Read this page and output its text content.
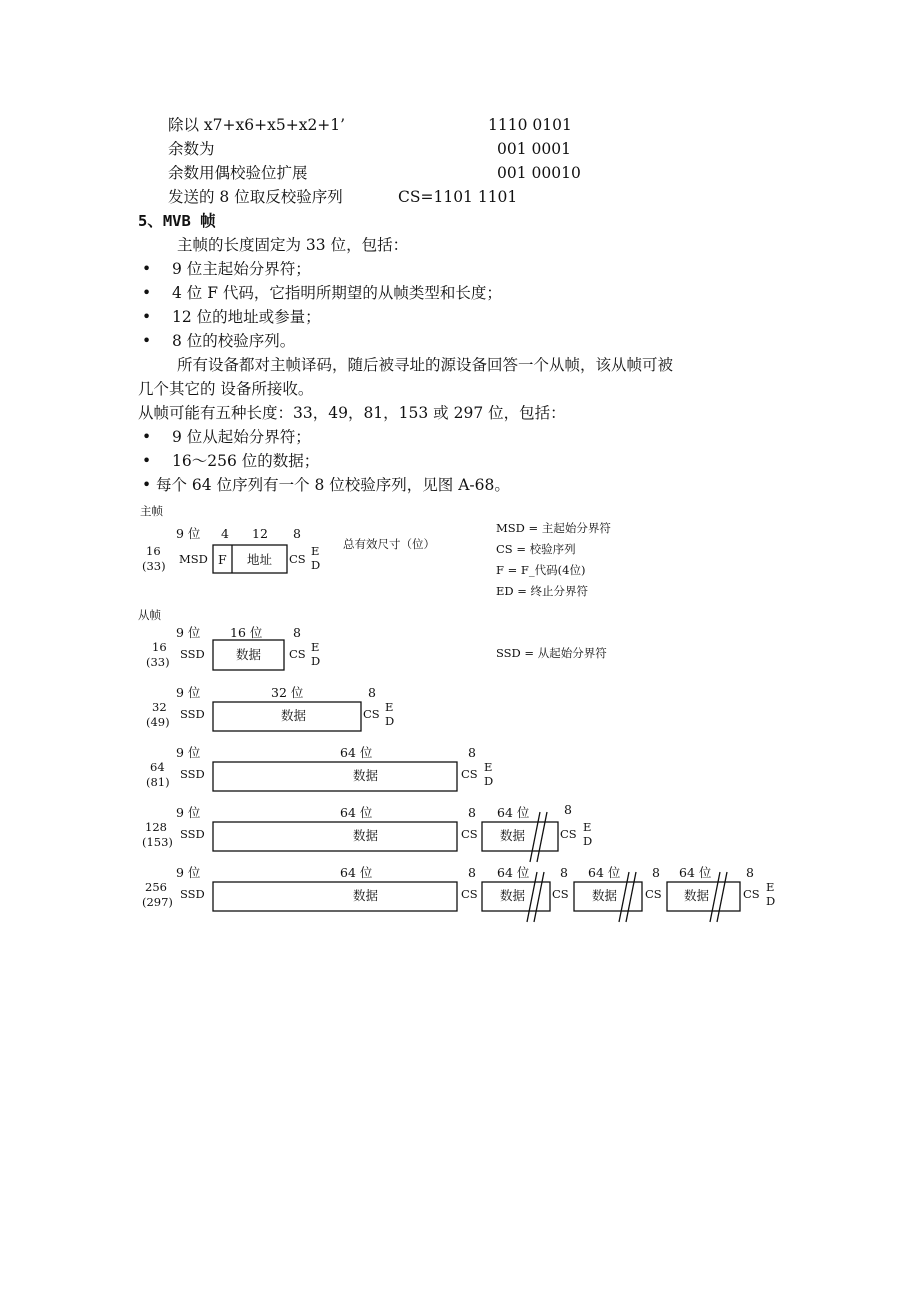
除以 x7+x6+x5+x2+1’	1110 0101
余数为	001 0001
余数用偶校验位扩展	001 00010
发送的 8 位取反校验序列	CS=1101 1101
5、MVB 帧
主帧的长度固定为 33 位，包括：
• 9 位主起始分界符；
• 4 位 F 代码，它指明所期望的从帧类型和长度；
• 12 位的地址或参量；
• 8 位的校验序列。
所有设备都对主帧译码，随后被寻址的源设备回答一个从帧，该从帧可被
几个其它的 设备所接收。
从帧可能有五种长度：33，49，81，153 或 297 位，包括：
• 9 位从起始分界符；
• 16～256 位的数据；
• 每个 64 位序列有一个 8 位校验序列，见图 A-68。
主帧
9 位 4 12 8
总有效尺寸（位）
16
(33) MSD F 地址 CS
E
D
MSD = 主起始分界符
CS = 校验序列
F = F_代码(4位)
ED = 终止分界符
SSD = 从起始分界符
从帧
9 位 16 位 8
16
(33)
SSD 数据 CS E
D
9 位	32 位	8
32
(49)
SSD	数据	CS E
D
9 位	64 位	8
64
(81)
SSD	数据	CS E
D
9 位	64 位	8 64 位	8
128
(153)
SSD	数据	CS 数据	CS E
D
9 位	64 位	8 64 位 8 64 位	8 64 位	8
256
(297)
SSD	数据	CS 数据 CS 数据 CS 数据	CS E
D
